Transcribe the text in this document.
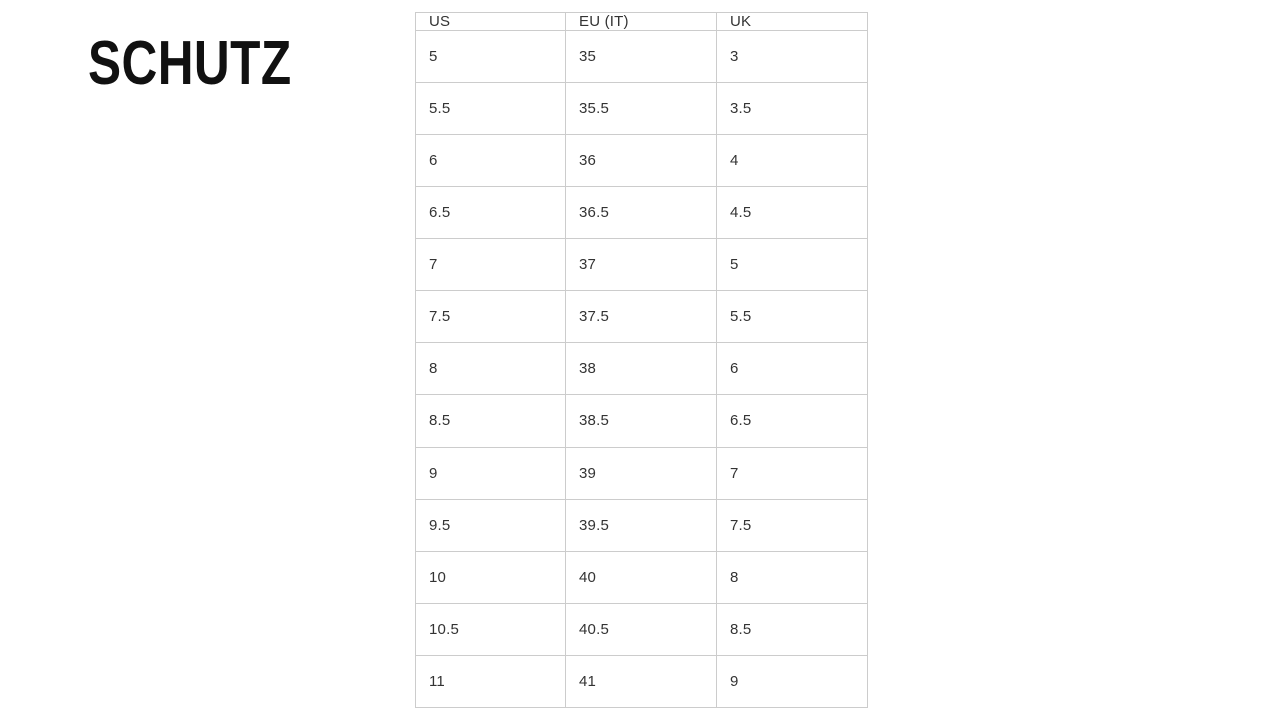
SCHUTZ
US	EU (IT)	UK
5	35	3
5.5	35.5	3.5
6	36	4
6.5	36.5	4.5
7	37	5
7.5	37.5	5.5
8	38	6
8.5	38.5	6.5
9	39	7
9.5	39.5	7.5
10	40	8
10.5	40.5	8.5
11	41	9
